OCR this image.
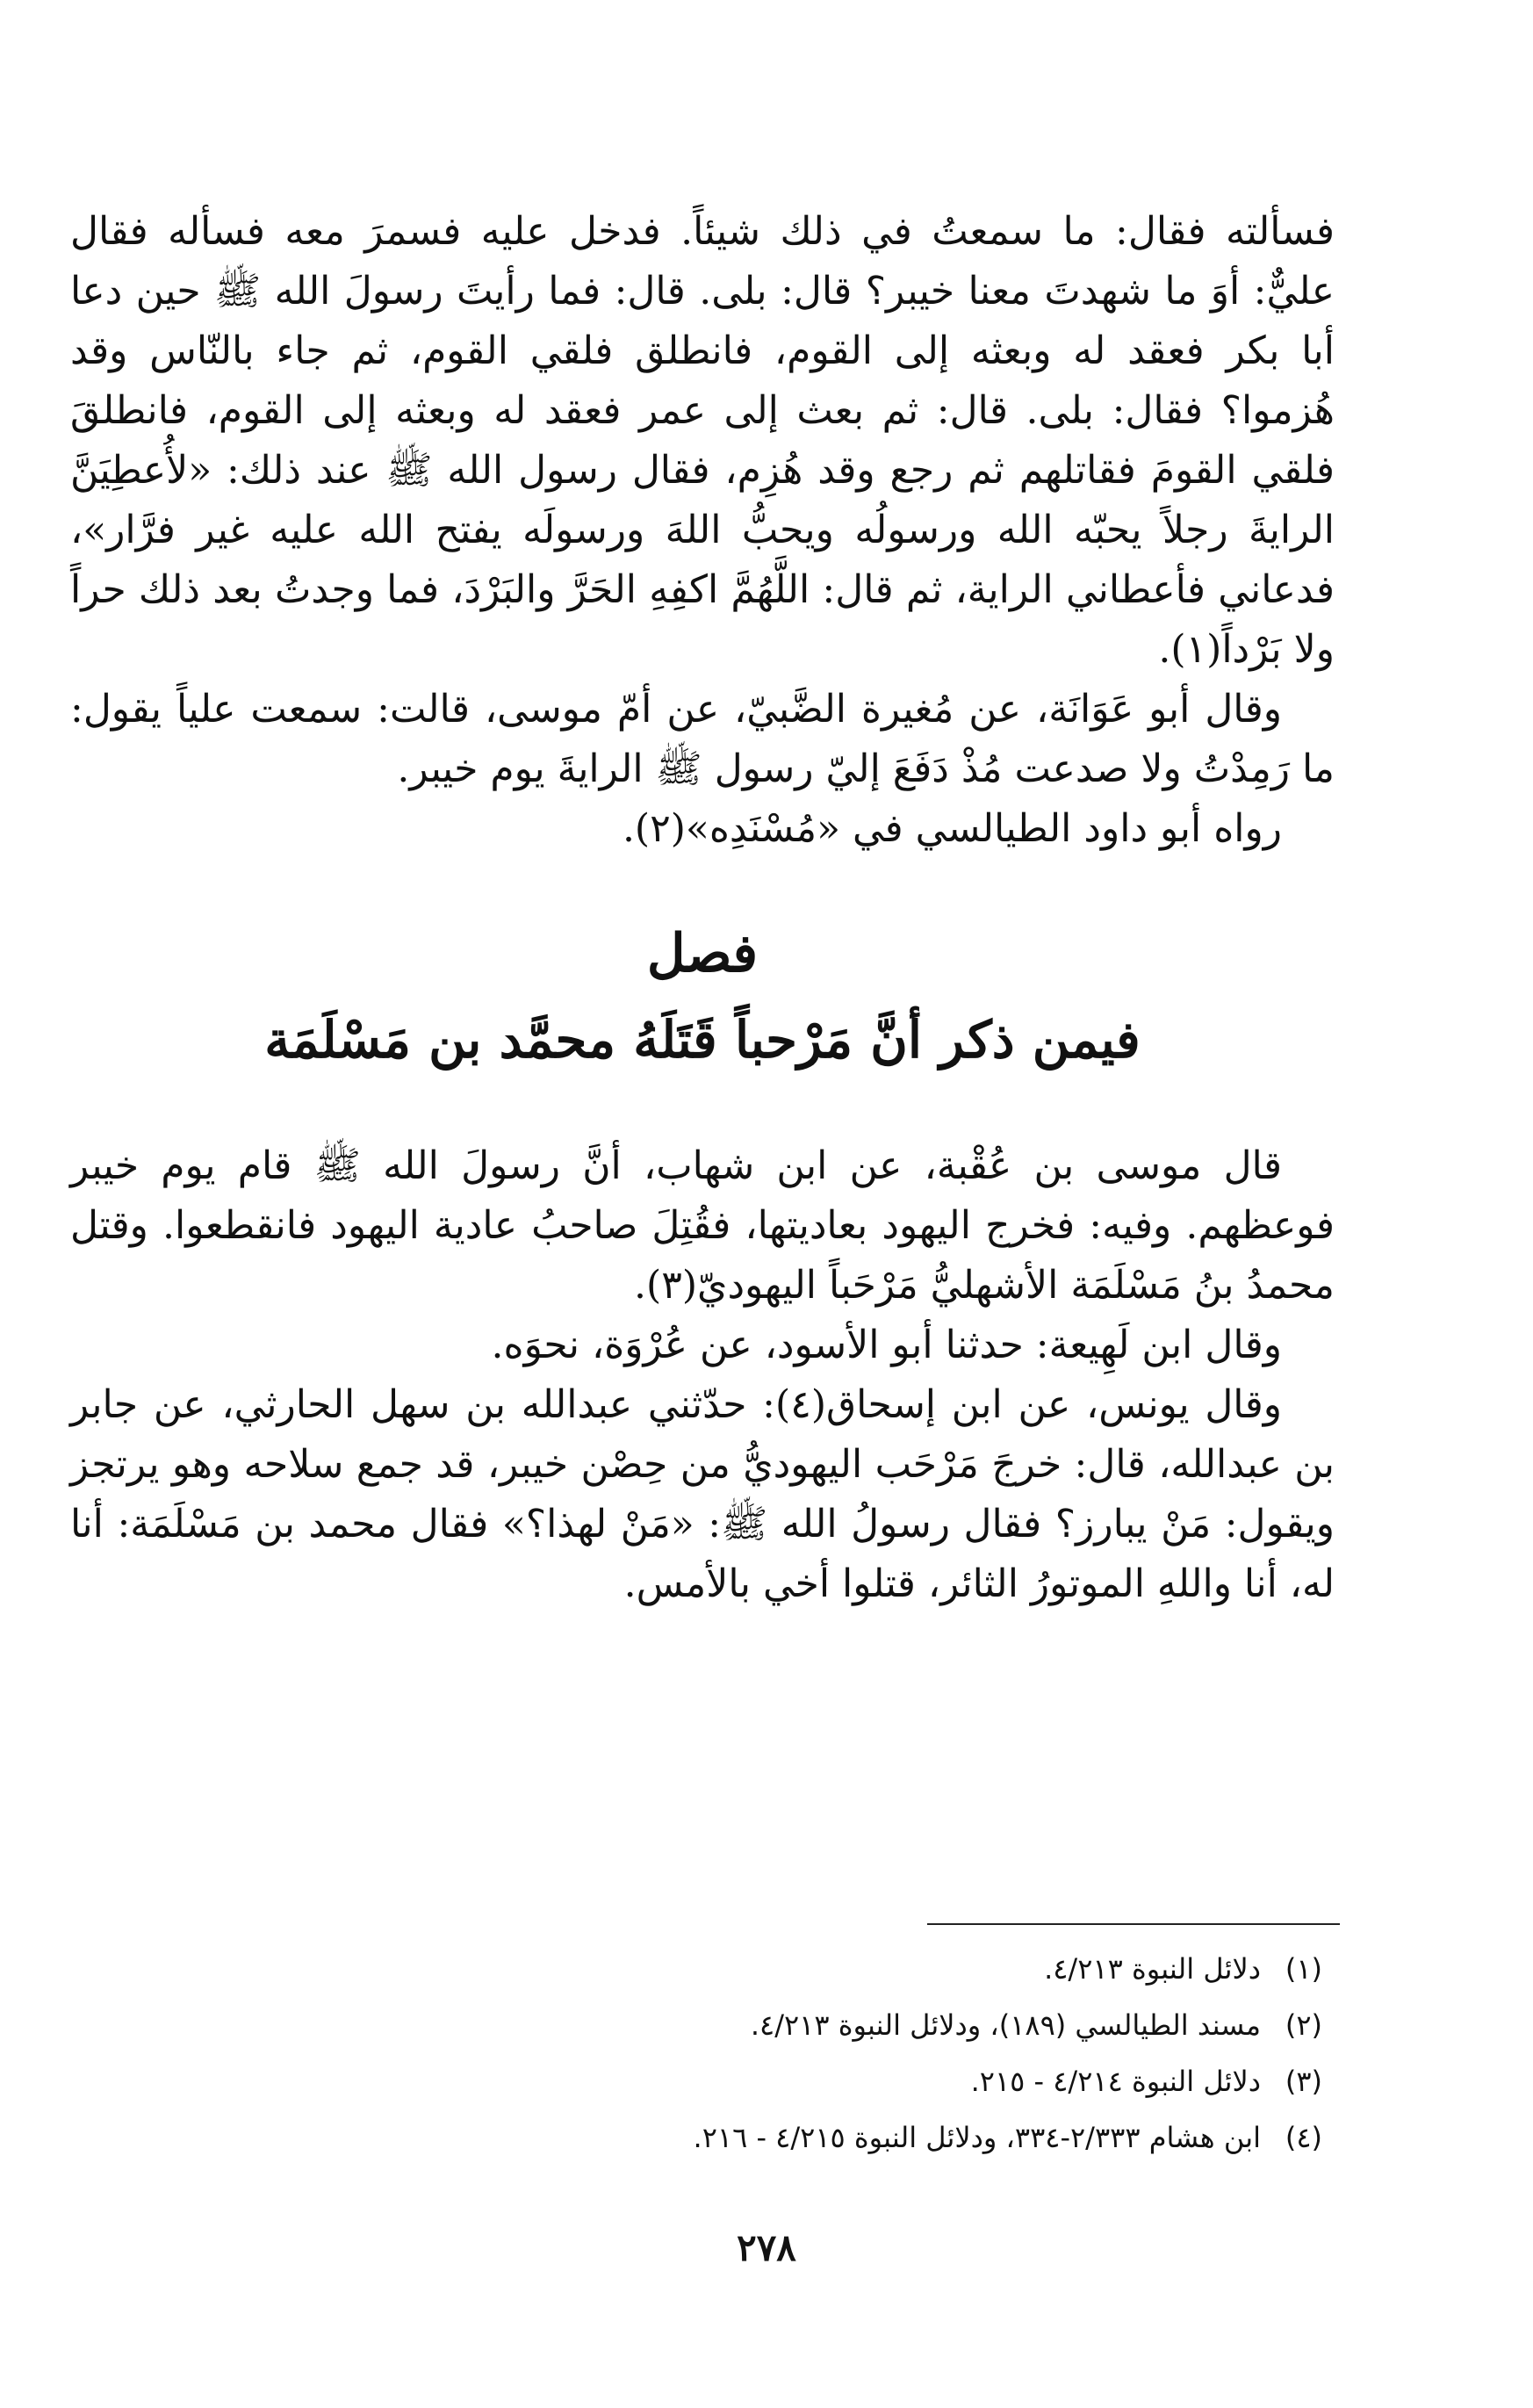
فسألته فقال: ما سمعتُ في ذلك شيئاً. فدخل عليه فسمرَ معه فسأله فقال عليٌّ: أوَ ما شهدتَ معنا خيبر؟ قال: بلى. قال: فما رأيتَ رسولَ الله ﷺ حين دعا أبا بكر فعقد له وبعثه إلى القوم، فانطلق فلقي القوم، ثم جاء بالنّاس وقد هُزموا؟ فقال: بلى. قال: ثم بعث إلى عمر فعقد له وبعثه إلى القوم، فانطلقَ فلقي القومَ فقاتلهم ثم رجع وقد هُزِم، فقال رسول الله ﷺ عند ذلك: «لأُعطِيَنَّ الرايةَ رجلاً يحبّه الله ورسولُه ويحبُّ اللهَ ورسولَه يفتح الله عليه غير فرَّار»، فدعاني فأعطاني الراية، ثم قال: اللَّهُمَّ اكفِهِ الحَرَّ والبَرْدَ، فما وجدتُ بعد ذلك حراً ولا بَرْداً(١).

وقال أبو عَوَانَة، عن مُغيرة الضَّبيّ، عن أمّ موسى، قالت: سمعت علياً يقول: ما رَمِدْتُ ولا صدعت مُذْ دَفَعَ إليّ رسول ﷺ الرايةَ يوم خيبر.

رواه أبو داود الطيالسي في «مُسْنَدِه»(٢).

فصل

فيمن ذكر أنَّ مَرْحباً قَتَلَهُ محمَّد بن مَسْلَمَة

قال موسى بن عُقْبة، عن ابن شهاب، أنَّ رسولَ الله ﷺ قام يوم خيبر فوعظهم. وفيه: فخرج اليهود بعاديتها، فقُتِلَ صاحبُ عادية اليهود فانقطعوا. وقتل محمدُ بنُ مَسْلَمَة الأشهليُّ مَرْحَباً اليهوديّ(٣).

وقال ابن لَهِيعة: حدثنا أبو الأسود، عن عُرْوَة، نحوَه.

وقال يونس، عن ابن إسحاق(٤): حدّثني عبدالله بن سهل الحارثي، عن جابر بن عبدالله، قال: خرجَ مَرْحَب اليهوديُّ من حِصْن خيبر، قد جمع سلاحه وهو يرتجز ويقول: مَنْ يبارز؟ فقال رسولُ الله ﷺ: «مَنْ لهذا؟» فقال محمد بن مَسْلَمَة: أنا له، أنا واللهِ الموتورُ الثائر، قتلوا أخي بالأمس.

(١)دلائل النبوة ٤/٢١٣.

(٢)مسند الطيالسي (١٨٩)، ودلائل النبوة ٤/٢١٣.

(٣)دلائل النبوة ٤/٢١٤ - ٢١٥.

(٤)ابن هشام ٢/٣٣٣-٣٣٤، ودلائل النبوة ٤/٢١٥ - ٢١٦.

٢٧٨
